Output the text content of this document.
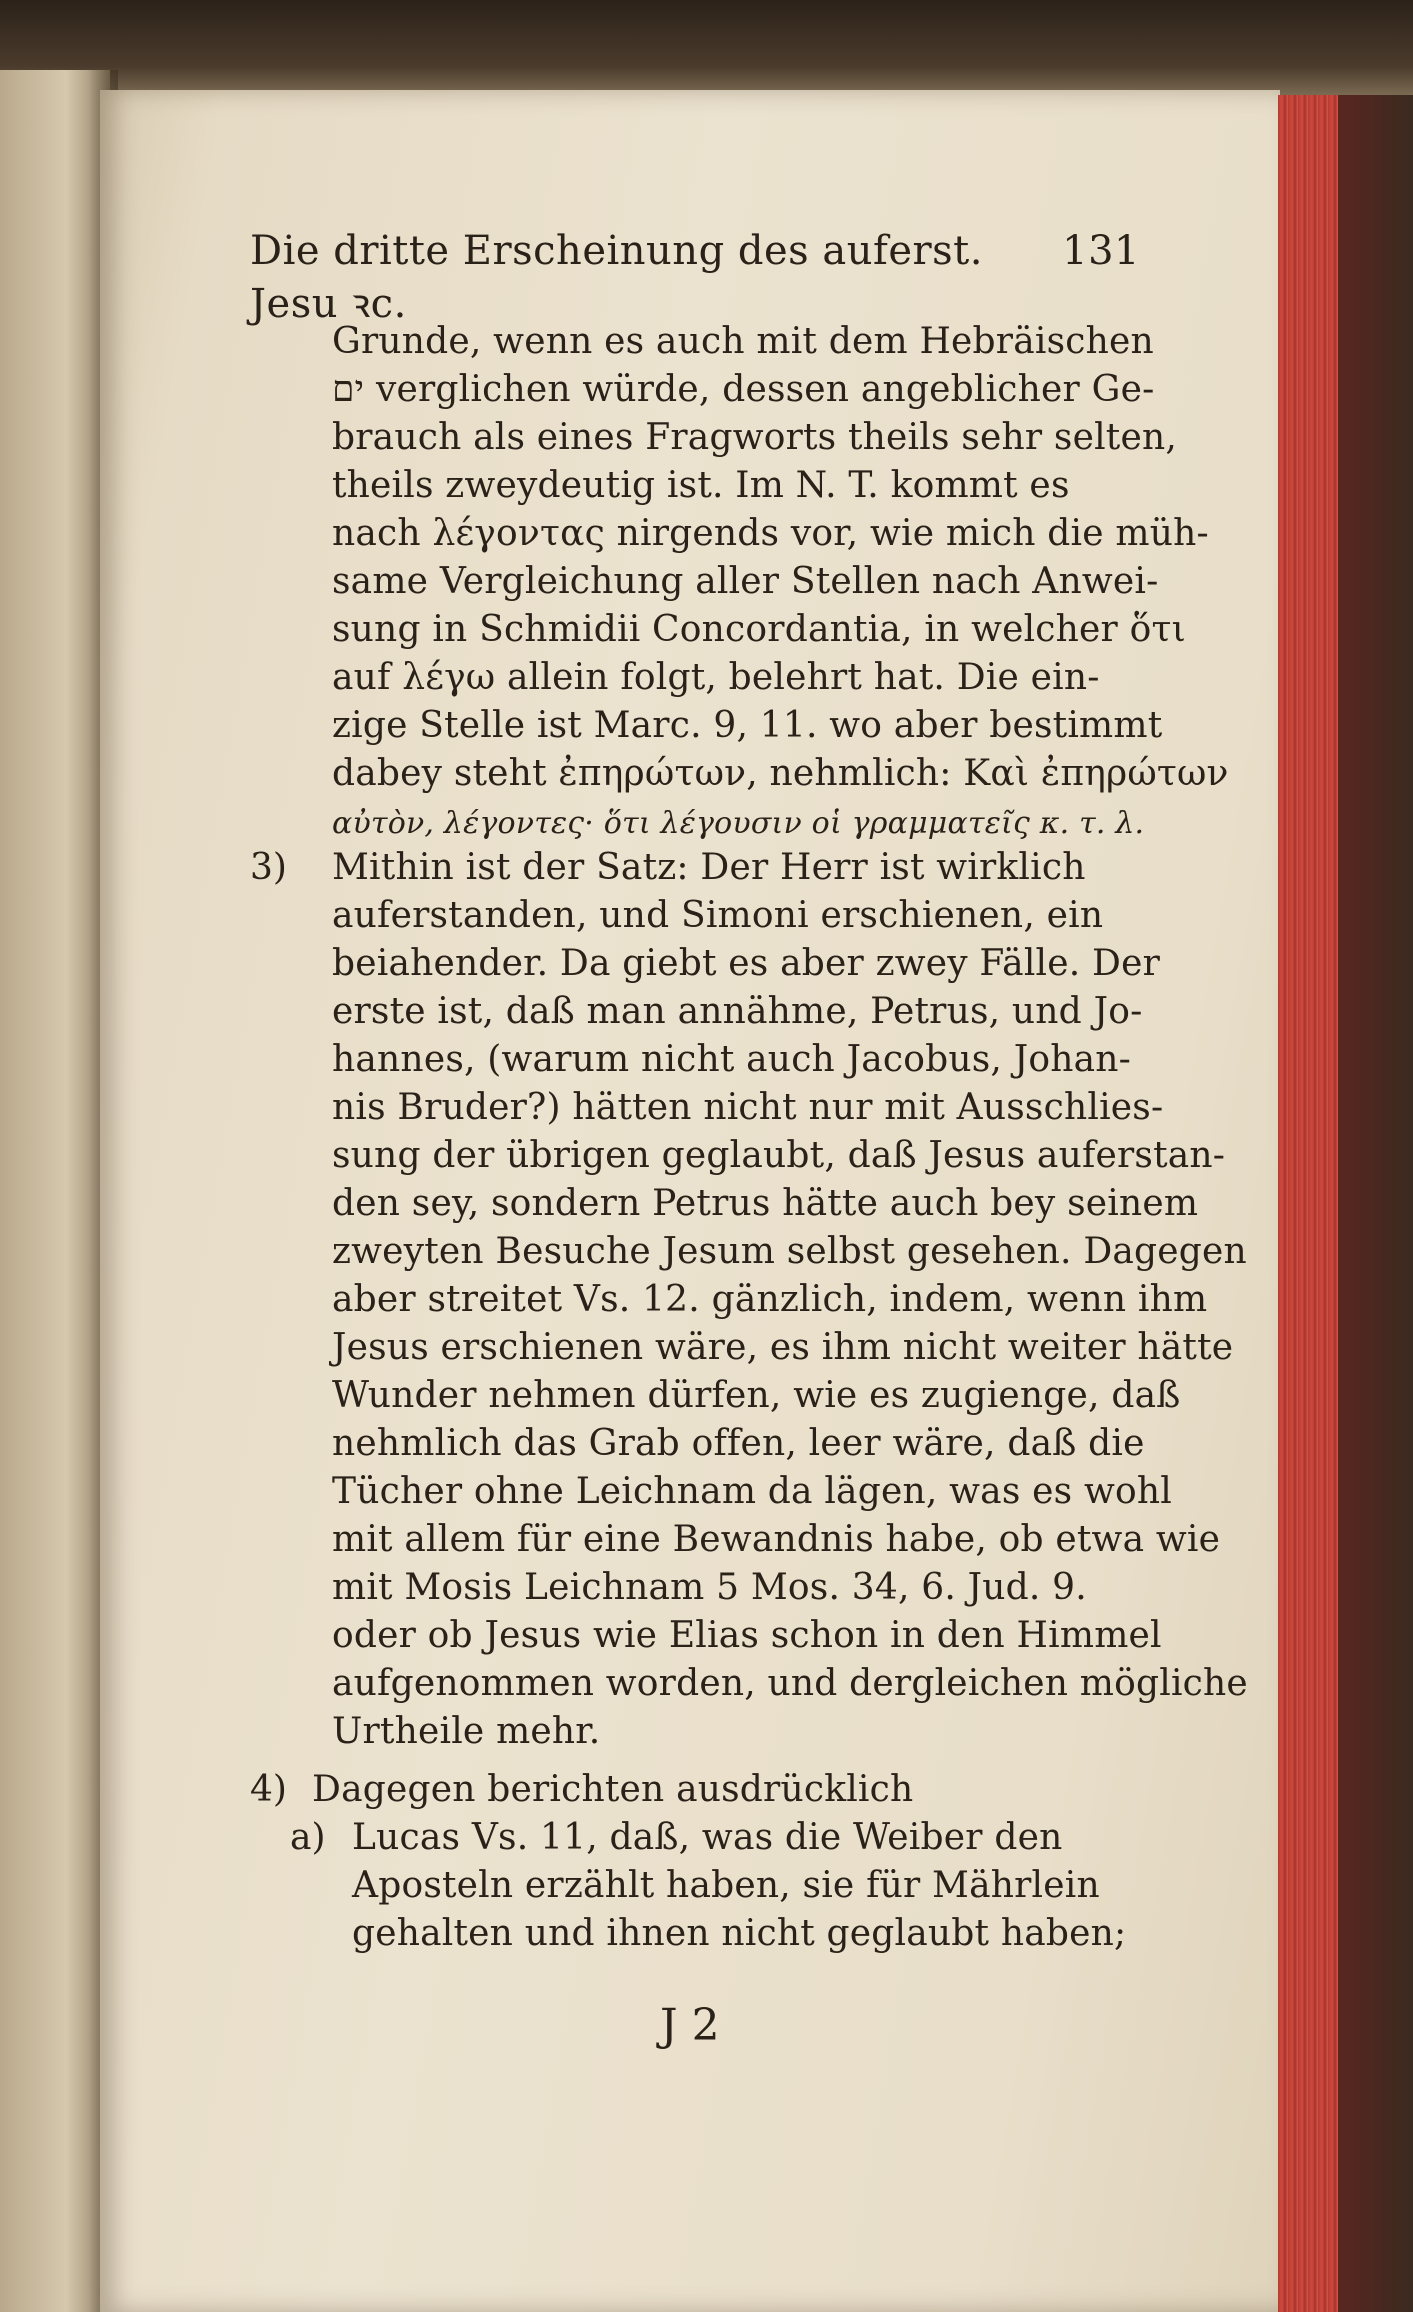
Die dritte Erscheinung des auferst. Jesu ꝛc.
131
Grunde, wenn es auch mit dem Hebräischen
ים verglichen würde, dessen angeblicher Ge-
brauch als eines Fragworts theils sehr selten,
theils zweydeutig ist. Im N. T. kommt es
nach λέγοντας nirgends vor, wie mich die müh-
same Vergleichung aller Stellen nach Anwei-
sung in Schmidii Concordantia, in welcher ὅτι
auf λέγω allein folgt, belehrt hat. Die ein-
zige Stelle ist Marc. 9, 11. wo aber bestimmt
dabey steht ἐπηρώτων, nehmlich: Καὶ ἐπηρώτων
αὐτὸν, λέγοντες· ὅτι λέγουσιν οἱ γραμματεῖς κ. τ. λ.
3) Mithin ist der Satz: Der Herr ist wirklich
auferstanden, und Simoni erschienen, ein
beiahender. Da giebt es aber zwey Fälle. Der
erste ist, daß man annähme, Petrus, und Jo-
hannes, (warum nicht auch Jacobus, Johan-
nis Bruder?) hätten nicht nur mit Ausschlies-
sung der übrigen geglaubt, daß Jesus auferstan-
den sey, sondern Petrus hätte auch bey seinem
zweyten Besuche Jesum selbst gesehen. Dagegen
aber streitet Vs. 12. gänzlich, indem, wenn ihm
Jesus erschienen wäre, es ihm nicht weiter hätte
Wunder nehmen dürfen, wie es zugienge, daß
nehmlich das Grab offen, leer wäre, daß die
Tücher ohne Leichnam da lägen, was es wohl
mit allem für eine Bewandnis habe, ob etwa wie
mit Mosis Leichnam 5 Mos. 34, 6. Jud. 9.
oder ob Jesus wie Elias schon in den Himmel
aufgenommen worden, und dergleichen mögliche
Urtheile mehr.
4) Dagegen berichten ausdrücklich
a) Lucas Vs. 11, daß, was die Weiber den
Aposteln erzählt haben, sie für Mährlein
gehalten und ihnen nicht geglaubt haben;
J 2
